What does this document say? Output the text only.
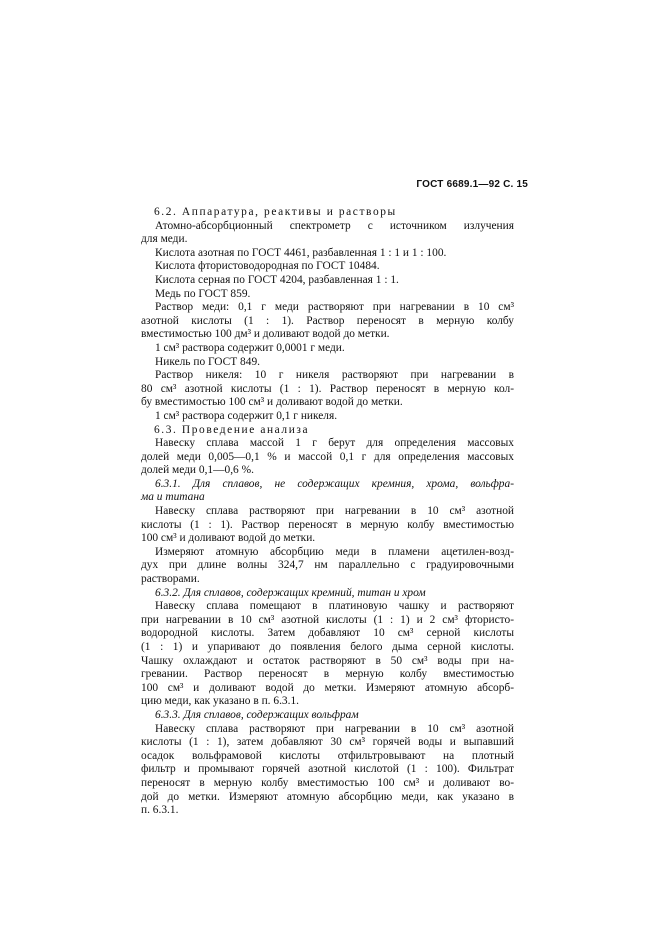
ГОСТ 6689.1—92 С. 15
6.2. Аппаратура, реактивы и растворы
Атомно-абсорбционный спектрометр с источником излучения
для меди.
Кислота азотная по ГОСТ 4461, разбавленная 1 : 1 и 1 : 100.
Кислота фтористоводородная по ГОСТ 10484.
Кислота серная по ГОСТ 4204, разбавленная 1 : 1.
Медь по ГОСТ 859.
Раствор меди: 0,1 г меди растворяют при нагревании в 10 см³
азотной кислоты (1 : 1). Раствор переносят в мерную колбу
вместимостью 100 дм³ и доливают водой до метки.
1 см³ раствора содержит 0,0001 г меди.
Никель по ГОСТ 849.
Раствор никеля: 10 г никеля растворяют при нагревании в
80 см³ азотной кислоты (1 : 1). Раствор переносят в мерную кол-
бу вместимостью 100 см³ и доливают водой до метки.
1 см³ раствора содержит 0,1 г никеля.
6.3. Проведение анализа
Навеску сплава массой 1 г берут для определения массовых
долей меди 0,005—0,1 % и массой 0,1 г для определения массовых
долей меди 0,1—0,6 %.
6.3.1. Для сплавов, не содержащих кремния, хрома, вольфра-
ма и титана
Навеску сплава растворяют при нагревании в 10 см³ азотной
кислоты (1 : 1). Раствор переносят в мерную колбу вместимостью
100 см³ и доливают водой до метки.
Измеряют атомную абсорбцию меди в пламени ацетилен-возд-
дух при длине волны 324,7 нм параллельно с градуировочными
растворами.
6.3.2. Для сплавов, содержащих кремний, титан и хром
Навеску сплава помещают в платиновую чашку и растворяют
при нагревании в 10 см³ азотной кислоты (1 : 1) и 2 см³ фтористо-
водородной кислоты. Затем добавляют 10 см³ серной кислоты
(1 : 1) и упаривают до появления белого дыма серной кислоты.
Чашку охлаждают и остаток растворяют в 50 см³ воды при на-
гревании. Раствор переносят в мерную колбу вместимостью
100 см³ и доливают водой до метки. Измеряют атомную абсорб-
цию меди, как указано в п. 6.3.1.
6.3.3. Для сплавов, содержащих вольфрам
Навеску сплава растворяют при нагревании в 10 см³ азотной
кислоты (1 : 1), затем добавляют 30 см³ горячей воды и выпавший
осадок вольфрамовой кислоты отфильтровывают на плотный
фильтр и промывают горячей азотной кислотой (1 : 100). Фильтрат
переносят в мерную колбу вместимостью 100 см³ и доливают во-
дой до метки. Измеряют атомную абсорбцию меди, как указано в
п. 6.3.1.
